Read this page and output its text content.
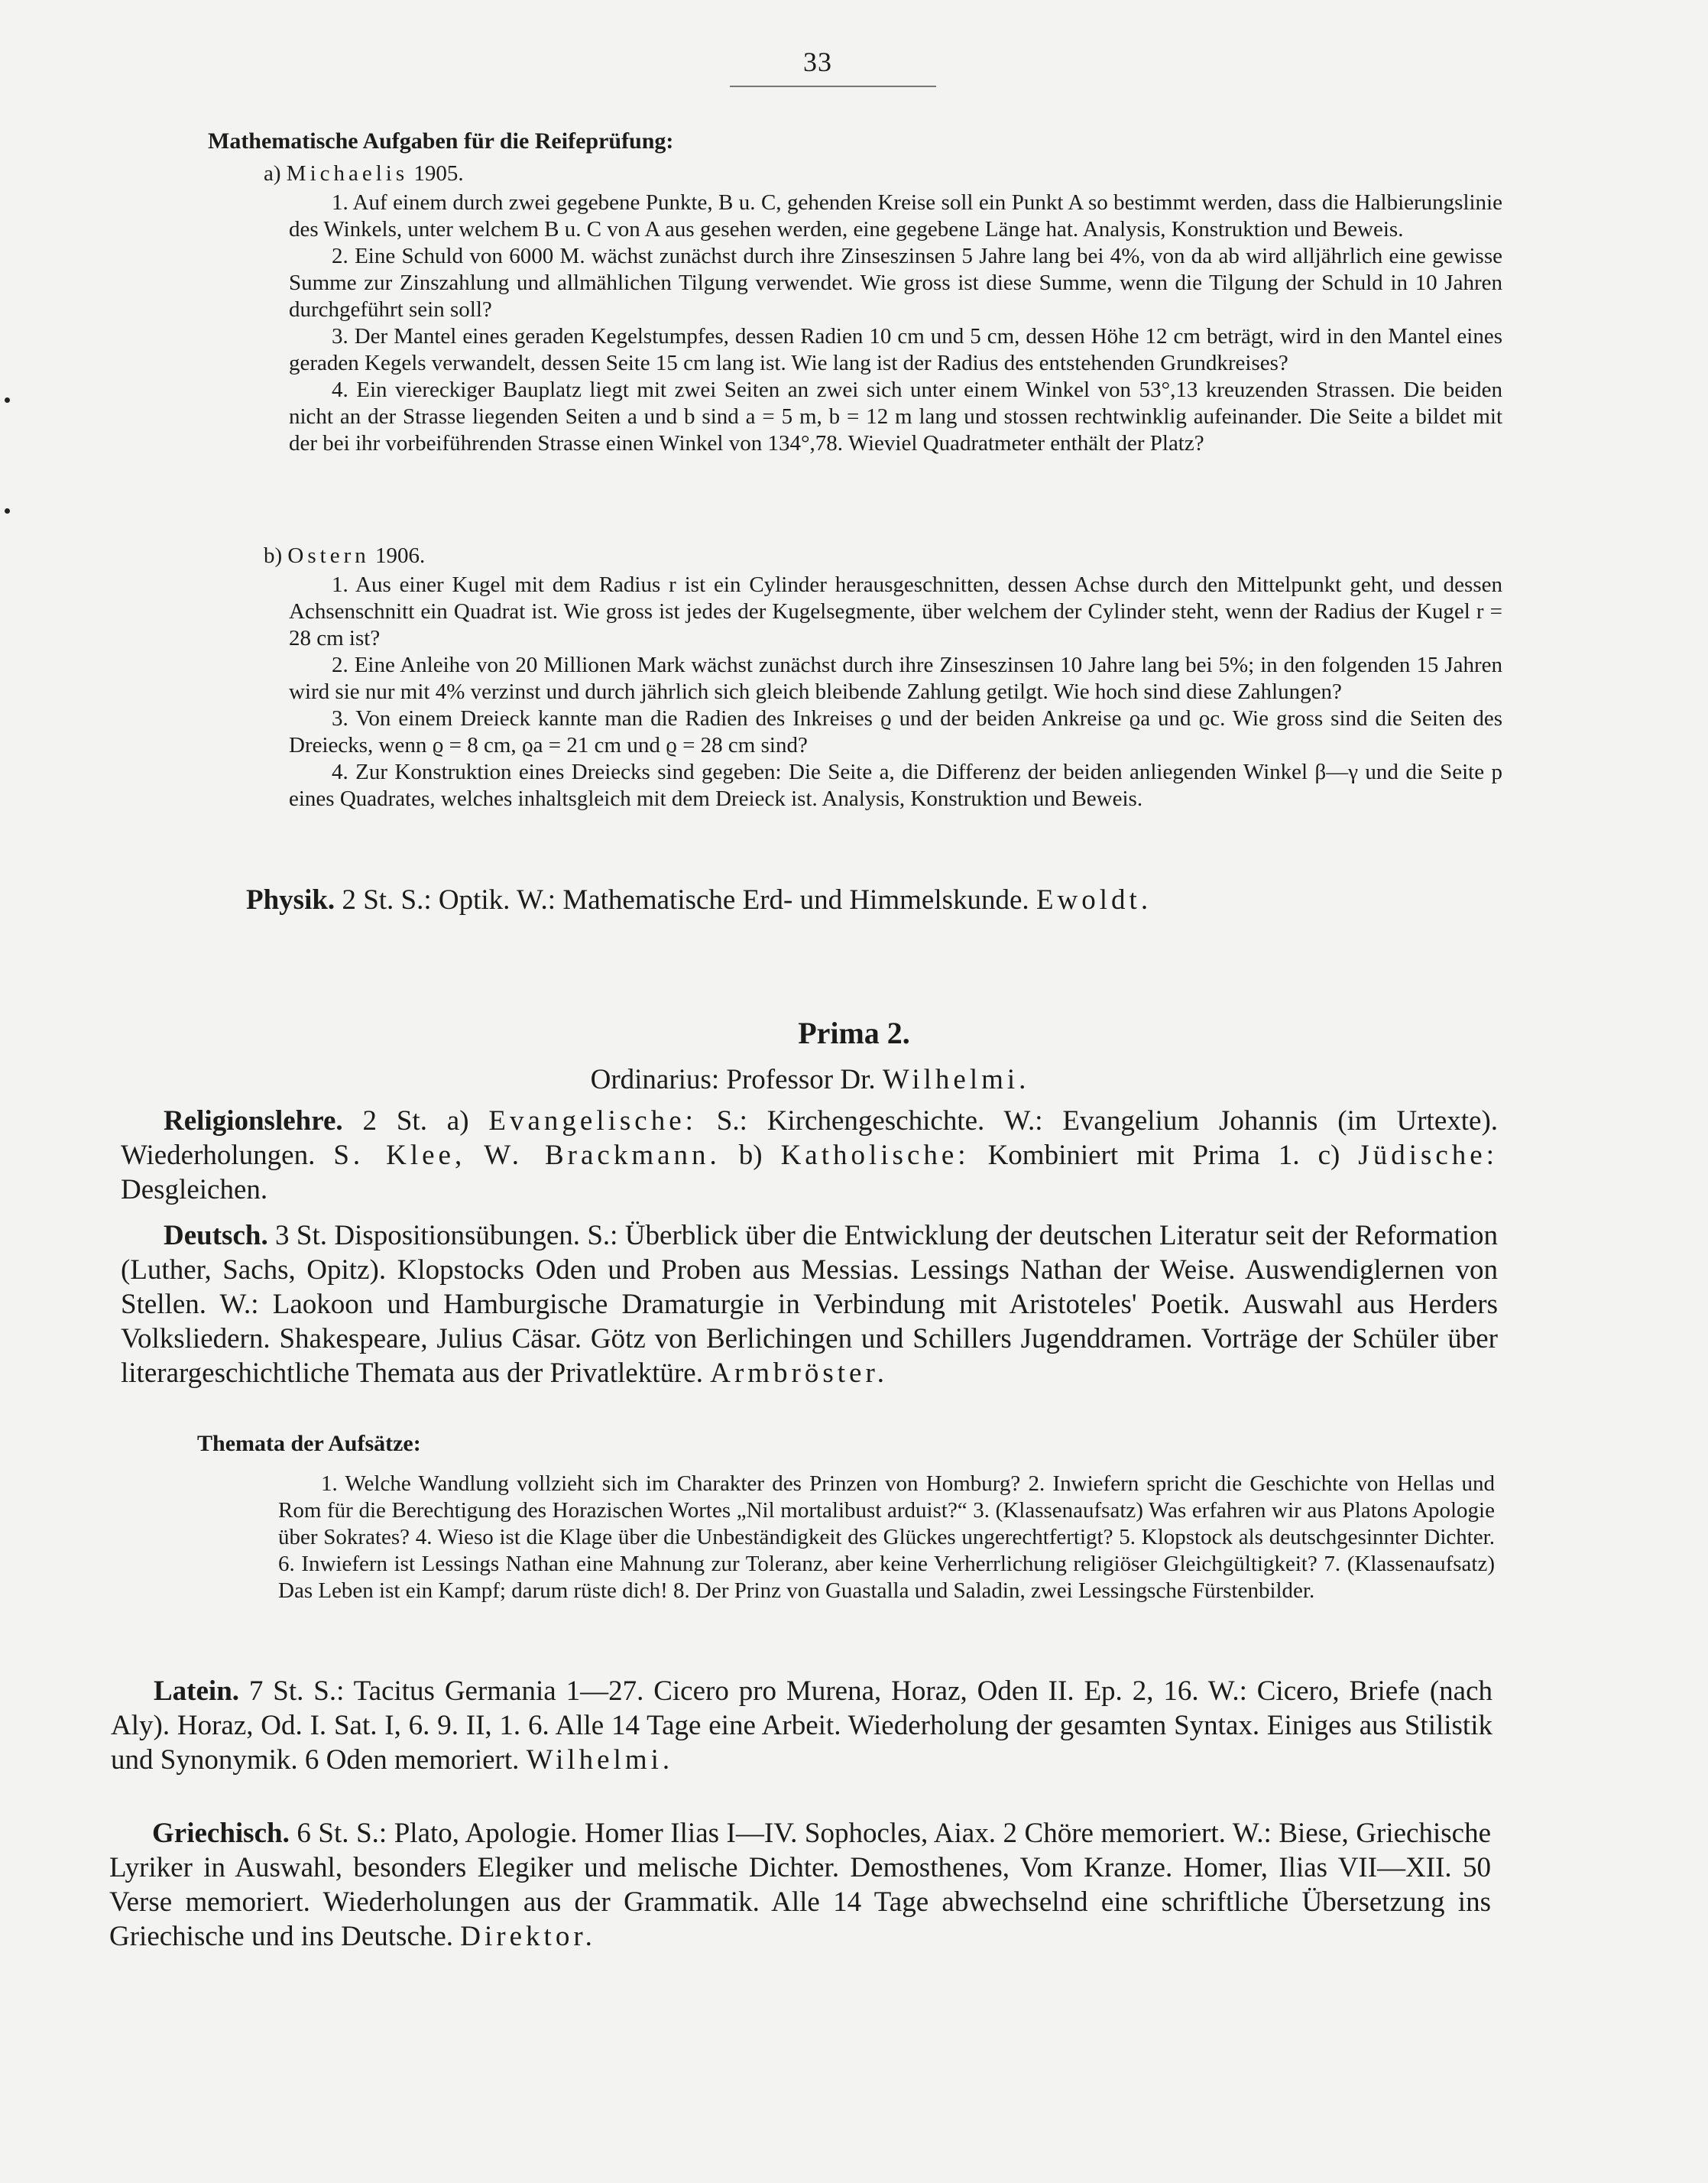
33
Mathematische Aufgaben für die Reifeprüfung:
a) Michaelis 1905.

1. Auf einem durch zwei gegebene Punkte, B u. C, gehenden Kreise soll ein Punkt A so bestimmt werden, dass die Halbierungslinie des Winkels, unter welchem B u. C von A aus gesehen werden, eine gegebene Länge hat. Analysis, Konstruktion und Beweis.

2. Eine Schuld von 6000 M. wächst zunächst durch ihre Zinseszinsen 5 Jahre lang bei 4%, von da ab wird alljährlich eine gewisse Summe zur Zinszahlung und allmählichen Tilgung verwendet. Wie gross ist diese Summe, wenn die Tilgung der Schuld in 10 Jahren durchgeführt sein soll?

3. Der Mantel eines geraden Kegelstumpfes, dessen Radien 10 cm und 5 cm, dessen Höhe 12 cm beträgt, wird in den Mantel eines geraden Kegels verwandelt, dessen Seite 15 cm lang ist. Wie lang ist der Radius des entstehenden Grundkreises?

4. Ein viereckiger Bauplatz liegt mit zwei Seiten an zwei sich unter einem Winkel von 53°,13 kreuzenden Strassen. Die beiden nicht an der Strasse liegenden Seiten a und b sind a = 5 m, b = 12 m lang und stossen rechtwinklig aufeinander. Die Seite a bildet mit der bei ihr vorbeiführenden Strasse einen Winkel von 134°,78. Wieviel Quadratmeter enthält der Platz?

b) Ostern 1906.

1. Aus einer Kugel mit dem Radius r ist ein Cylinder herausgeschnitten, dessen Achse durch den Mittelpunkt geht, und dessen Achsenschnitt ein Quadrat ist. Wie gross ist jedes der Kugelsegmente, über welchem der Cylinder steht, wenn der Radius der Kugel r = 28 cm ist?

2. Eine Anleihe von 20 Millionen Mark wächst zunächst durch ihre Zinseszinsen 10 Jahre lang bei 5%; in den folgenden 15 Jahren wird sie nur mit 4% verzinst und durch jährlich sich gleich bleibende Zahlung getilgt. Wie hoch sind diese Zahlungen?

3. Von einem Dreieck kannte man die Radien des Inkreises ϱ und der beiden Ankreise ϱa und ϱc. Wie gross sind die Seiten des Dreiecks, wenn ϱ = 8 cm, ϱa = 21 cm und ϱ = 28 cm sind?

4. Zur Konstruktion eines Dreiecks sind gegeben: Die Seite a, die Differenz der beiden anliegenden Winkel β—γ und die Seite p eines Quadrates, welches inhaltsgleich mit dem Dreieck ist. Analysis, Konstruktion und Beweis.

Physik. 2 St. S.: Optik. W.: Mathematische Erd- und Himmelskunde. Ewoldt.
Prima 2.
Ordinarius: Professor Dr. Wilhelmi.
Religionslehre. 2 St. a) Evangelische: S.: Kirchengeschichte. W.: Evangelium Johannis (im Urtexte). Wiederholungen. S. Klee, W. Brackmann. b) Katholische: Kombiniert mit Prima 1. c) Jüdische: Desgleichen.
Deutsch. 3 St. Dispositionsübungen. S.: Überblick über die Entwicklung der deutschen Literatur seit der Reformation (Luther, Sachs, Opitz). Klopstocks Oden und Proben aus Messias. Lessings Nathan der Weise. Auswendiglernen von Stellen. W.: Laokoon und Hamburgische Dramaturgie in Verbindung mit Aristoteles' Poetik. Auswahl aus Herders Volksliedern. Shakespeare, Julius Cäsar. Götz von Berlichingen und Schillers Jugenddramen. Vorträge der Schüler über literargeschichtliche Themata aus der Privatlektüre. Armbröster.
Themata der Aufsätze:
1. Welche Wandlung vollzieht sich im Charakter des Prinzen von Homburg? 2. Inwiefern spricht die Geschichte von Hellas und Rom für die Berechtigung des Horazischen Wortes „Nil mortalibust arduist?“ 3. (Klassenaufsatz) Was erfahren wir aus Platons Apologie über Sokrates? 4. Wieso ist die Klage über die Unbeständigkeit des Glückes ungerechtfertigt? 5. Klopstock als deutschgesinnter Dichter. 6. Inwiefern ist Lessings Nathan eine Mahnung zur Toleranz, aber keine Verherrlichung religiöser Gleichgültigkeit? 7. (Klassenaufsatz) Das Leben ist ein Kampf; darum rüste dich! 8. Der Prinz von Guastalla und Saladin, zwei Lessingsche Fürstenbilder.
Latein. 7 St. S.: Tacitus Germania 1—27. Cicero pro Murena, Horaz, Oden II. Ep. 2, 16. W.: Cicero, Briefe (nach Aly). Horaz, Od. I. Sat. I, 6. 9. II, 1. 6. Alle 14 Tage eine Arbeit. Wiederholung der gesamten Syntax. Einiges aus Stilistik und Synonymik. 6 Oden memoriert. Wilhelmi.
Griechisch. 6 St. S.: Plato, Apologie. Homer Ilias I—IV. Sophocles, Aiax. 2 Chöre memoriert. W.: Biese, Griechische Lyriker in Auswahl, besonders Elegiker und melische Dichter. Demosthenes, Vom Kranze. Homer, Ilias VII—XII. 50 Verse memoriert. Wiederholungen aus der Grammatik. Alle 14 Tage abwechselnd eine schriftliche Übersetzung ins Griechische und ins Deutsche. Direktor.
